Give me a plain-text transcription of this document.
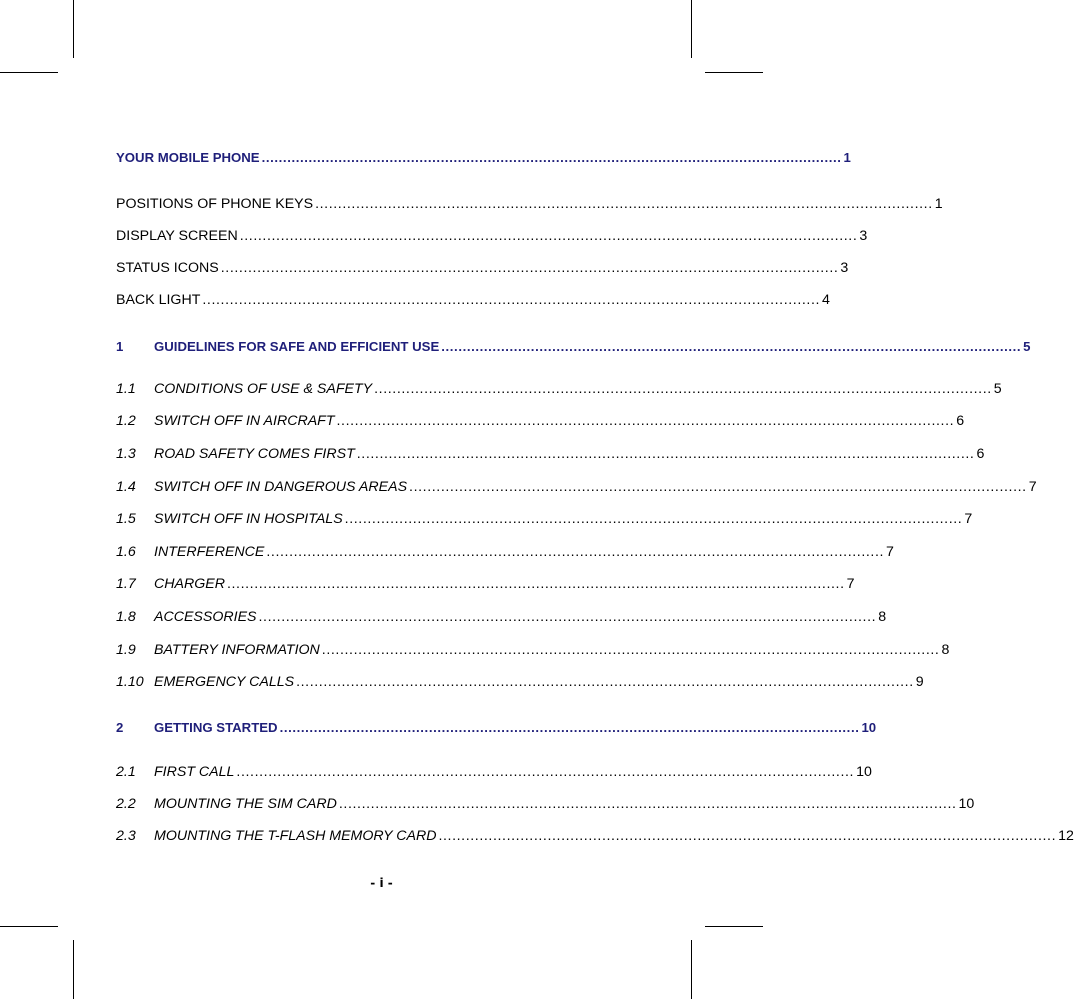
YOUR MOBILE PHONE ........................................................................................................................................ 1
POSITIONS OF PHONE KEYS ........................................................................................................................................ 1
DISPLAY SCREEN ........................................................................................................................................ 3
STATUS ICONS ........................................................................................................................................ 3
BACK LIGHT ........................................................................................................................................ 4
1	GUIDELINES FOR SAFE AND EFFICIENT USE ........................................................................................................................................ 5
1.1	CONDITIONS OF USE & SAFETY ........................................................................................................................................ 5
1.2	SWITCH OFF IN AIRCRAFT ........................................................................................................................................ 6
1.3	ROAD SAFETY COMES FIRST ........................................................................................................................................ 6
1.4	SWITCH OFF IN DANGEROUS AREAS ........................................................................................................................................ 7
1.5	SWITCH OFF IN HOSPITALS ........................................................................................................................................ 7
1.6	INTERFERENCE ........................................................................................................................................ 7
1.7	CHARGER ........................................................................................................................................ 7
1.8	ACCESSORIES ........................................................................................................................................ 8
1.9	BATTERY INFORMATION ........................................................................................................................................ 8
1.10 EMERGENCY CALLS ........................................................................................................................................ 9
2	GETTING STARTED ........................................................................................................................................ 10
2.1	FIRST CALL ........................................................................................................................................ 10
2.2	MOUNTING THE SIM CARD ........................................................................................................................................ 10
2.3	MOUNTING THE T-FLASH MEMORY CARD ........................................................................................................................................ 12
- i -
